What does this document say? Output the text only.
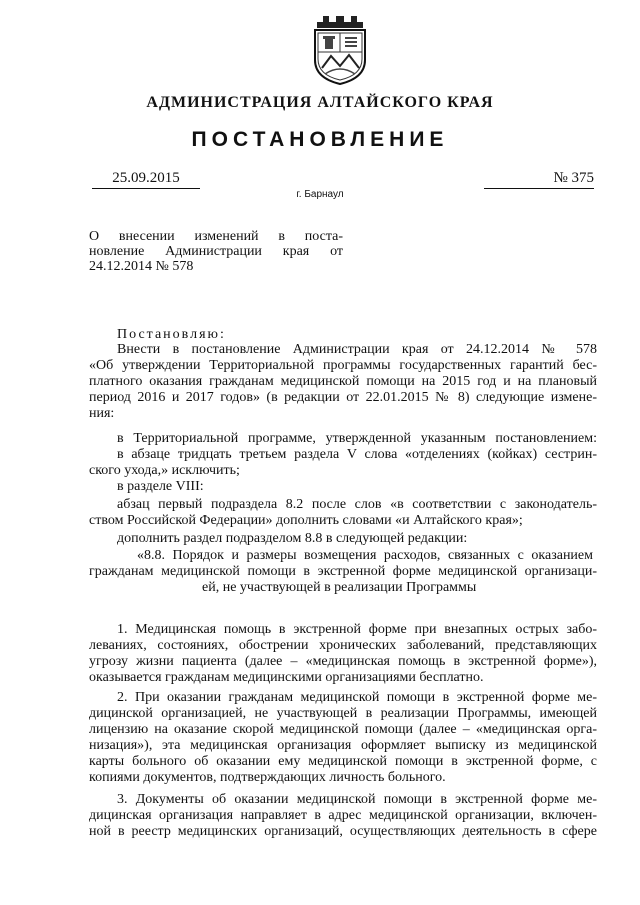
АДМИНИСТРАЦИЯ АЛТАЙСКОГО КРАЯ
ПОСТАНОВЛЕНИЕ
25.09.2015	№ 375
г. Барнаул
О внесении изменений в поста-
новление Администрации края от
24.12.2014 № 578
Постановляю:
Внести в постановление Администрации края от 24.12.2014 № 578
«Об утверждении Территориальной программы государственных гарантий бес-
платного оказания гражданам медицинской помощи на 2015 год и на плановый
период 2016 и 2017 годов» (в редакции от 22.01.2015 № 8) следующие измене-
ния:
в Территориальной программе, утвержденной указанным постановлением:
в абзаце тридцать третьем раздела V слова «отделениях (койках) сестрин-
ского ухода,» исключить;
в разделе VIII:
абзац первый подраздела 8.2 после слов «в соответствии с законодатель-
ством Российской Федерации» дополнить словами «и Алтайского края»;
дополнить раздел подразделом 8.8 в следующей редакции:
«8.8. Порядок и размеры возмещения расходов, связанных с оказанием
гражданам медицинской помощи в экстренной форме медицинской организаци-
ей, не участвующей в реализации Программы
1. Медицинская помощь в экстренной форме при внезапных острых забо-
леваниях, состояниях, обострении хронических заболеваний, представляющих
угрозу жизни пациента (далее – «медицинская помощь в экстренной форме»),
оказывается гражданам медицинскими организациями бесплатно.
2. При оказании гражданам медицинской помощи в экстренной форме ме-
дицинской организацией, не участвующей в реализации Программы, имеющей
лицензию на оказание скорой медицинской помощи (далее – «медицинская орга-
низация»), эта медицинская организация оформляет выписку из медицинской
карты больного об оказании ему медицинской помощи в экстренной форме, с
копиями документов, подтверждающих личность больного.
3. Документы об оказании медицинской помощи в экстренной форме ме-
дицинская организация направляет в адрес медицинской организации, включен-
ной в реестр медицинских организаций, осуществляющих деятельность в сфере
